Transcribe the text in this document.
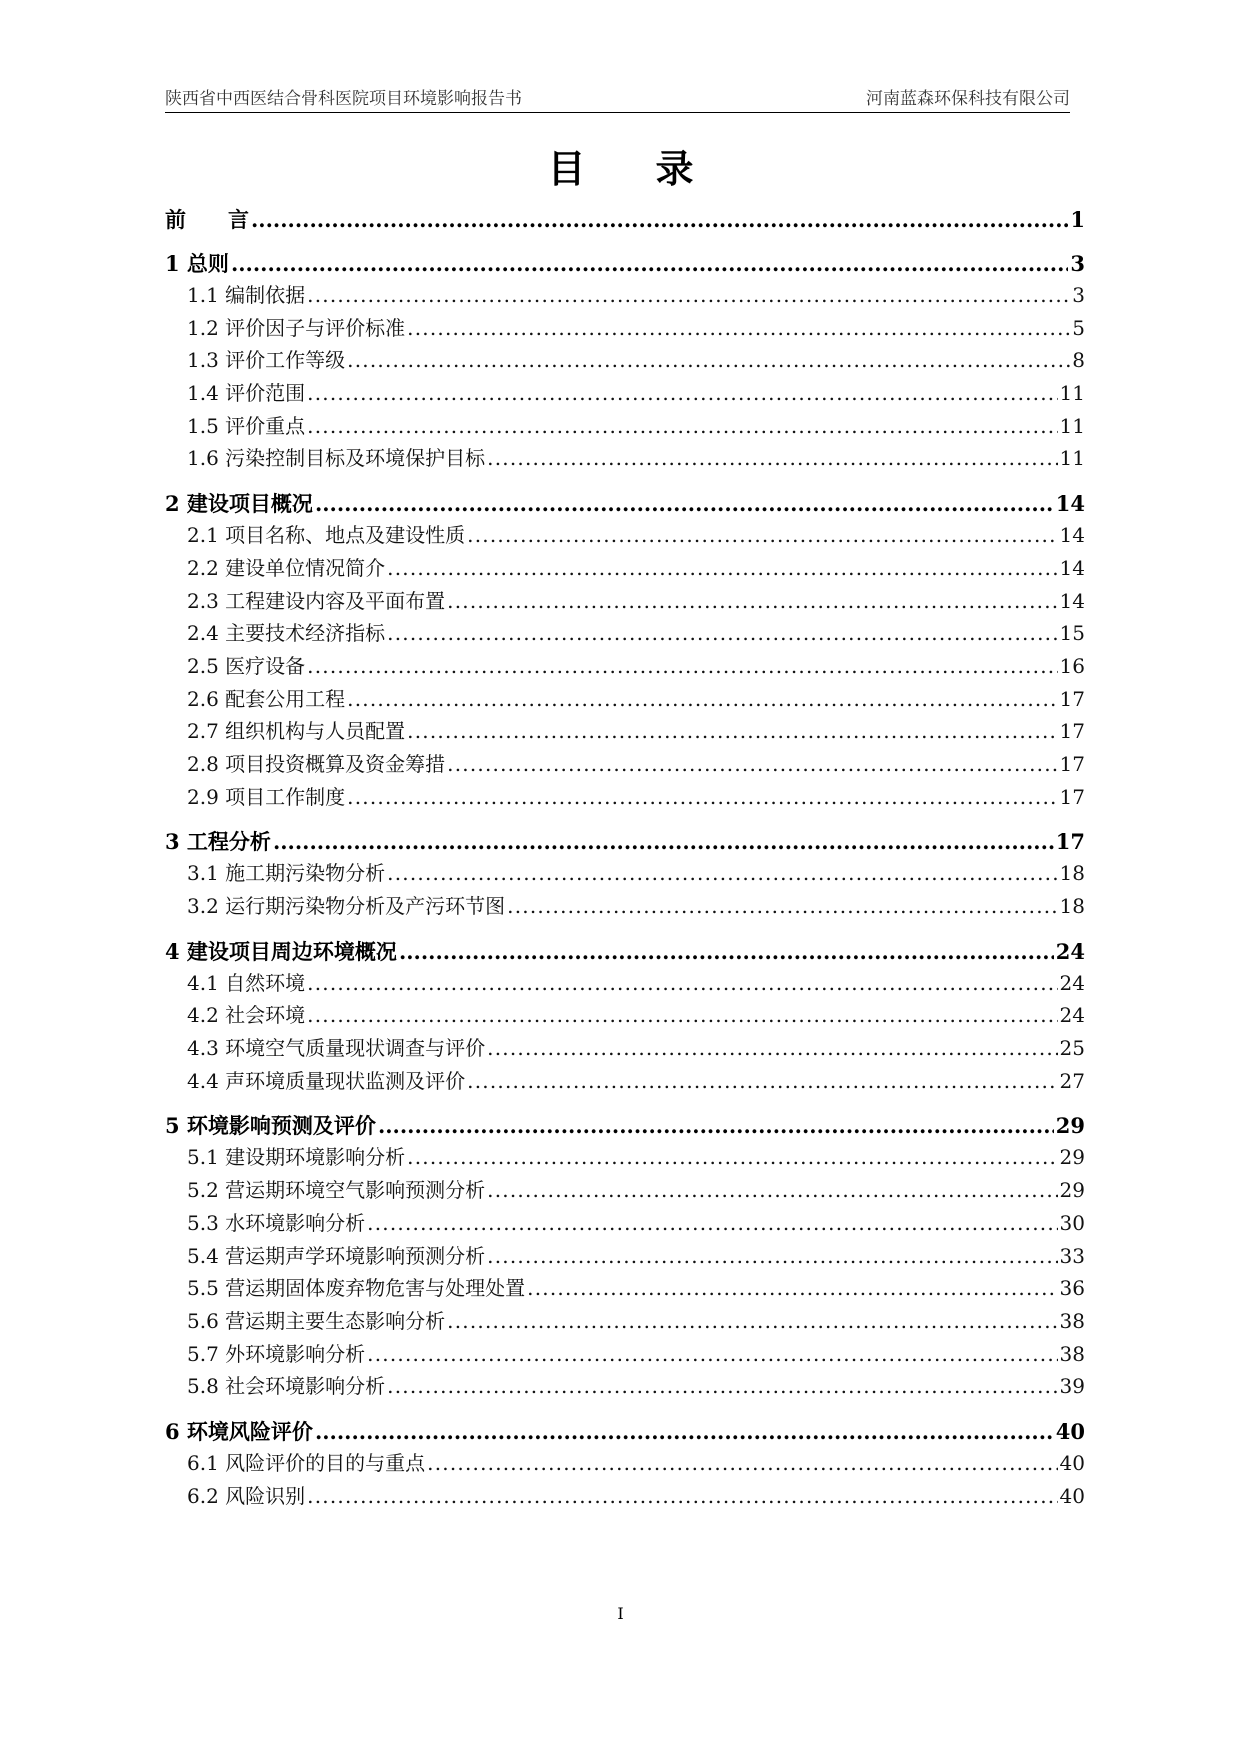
陕西省中西医结合骨科医院项目环境影响报告书	河南蓝森环保科技有限公司
目 录
前　　言 .....	1
1 总则 .....	3
1.1 编制依据 .....	3
1.2 评价因子与评价标准 .....	5
1.3 评价工作等级 .....	8
1.4 评价范围 .....	11
1.5 评价重点 .....	11
1.6 污染控制目标及环境保护目标 .....	11
2 建设项目概况 .....	14
2.1 项目名称、地点及建设性质 .....	14
2.2 建设单位情况简介 .....	14
2.3 工程建设内容及平面布置 .....	14
2.4 主要技术经济指标 .....	15
2.5 医疗设备 .....	16
2.6 配套公用工程 .....	17
2.7 组织机构与人员配置 .....	17
2.8 项目投资概算及资金筹措 .....	17
2.9 项目工作制度 .....	17
3 工程分析 .....	17
3.1 施工期污染物分析 .....	18
3.2 运行期污染物分析及产污环节图 .....	18
4 建设项目周边环境概况 .....	24
4.1 自然环境 .....	24
4.2 社会环境 .....	24
4.3 环境空气质量现状调查与评价 .....	25
4.4 声环境质量现状监测及评价 .....	27
5 环境影响预测及评价 .....	29
5.1 建设期环境影响分析 .....	29
5.2 营运期环境空气影响预测分析 .....	29
5.3 水环境影响分析 .....	30
5.4 营运期声学环境影响预测分析 .....	33
5.5 营运期固体废弃物危害与处理处置 .....	36
5.6 营运期主要生态影响分析 .....	38
5.7 外环境影响分析 .....	38
5.8 社会环境影响分析 .....	39
6 环境风险评价 .....	40
6.1 风险评价的目的与重点 .....	40
6.2 风险识别 .....	40
I
